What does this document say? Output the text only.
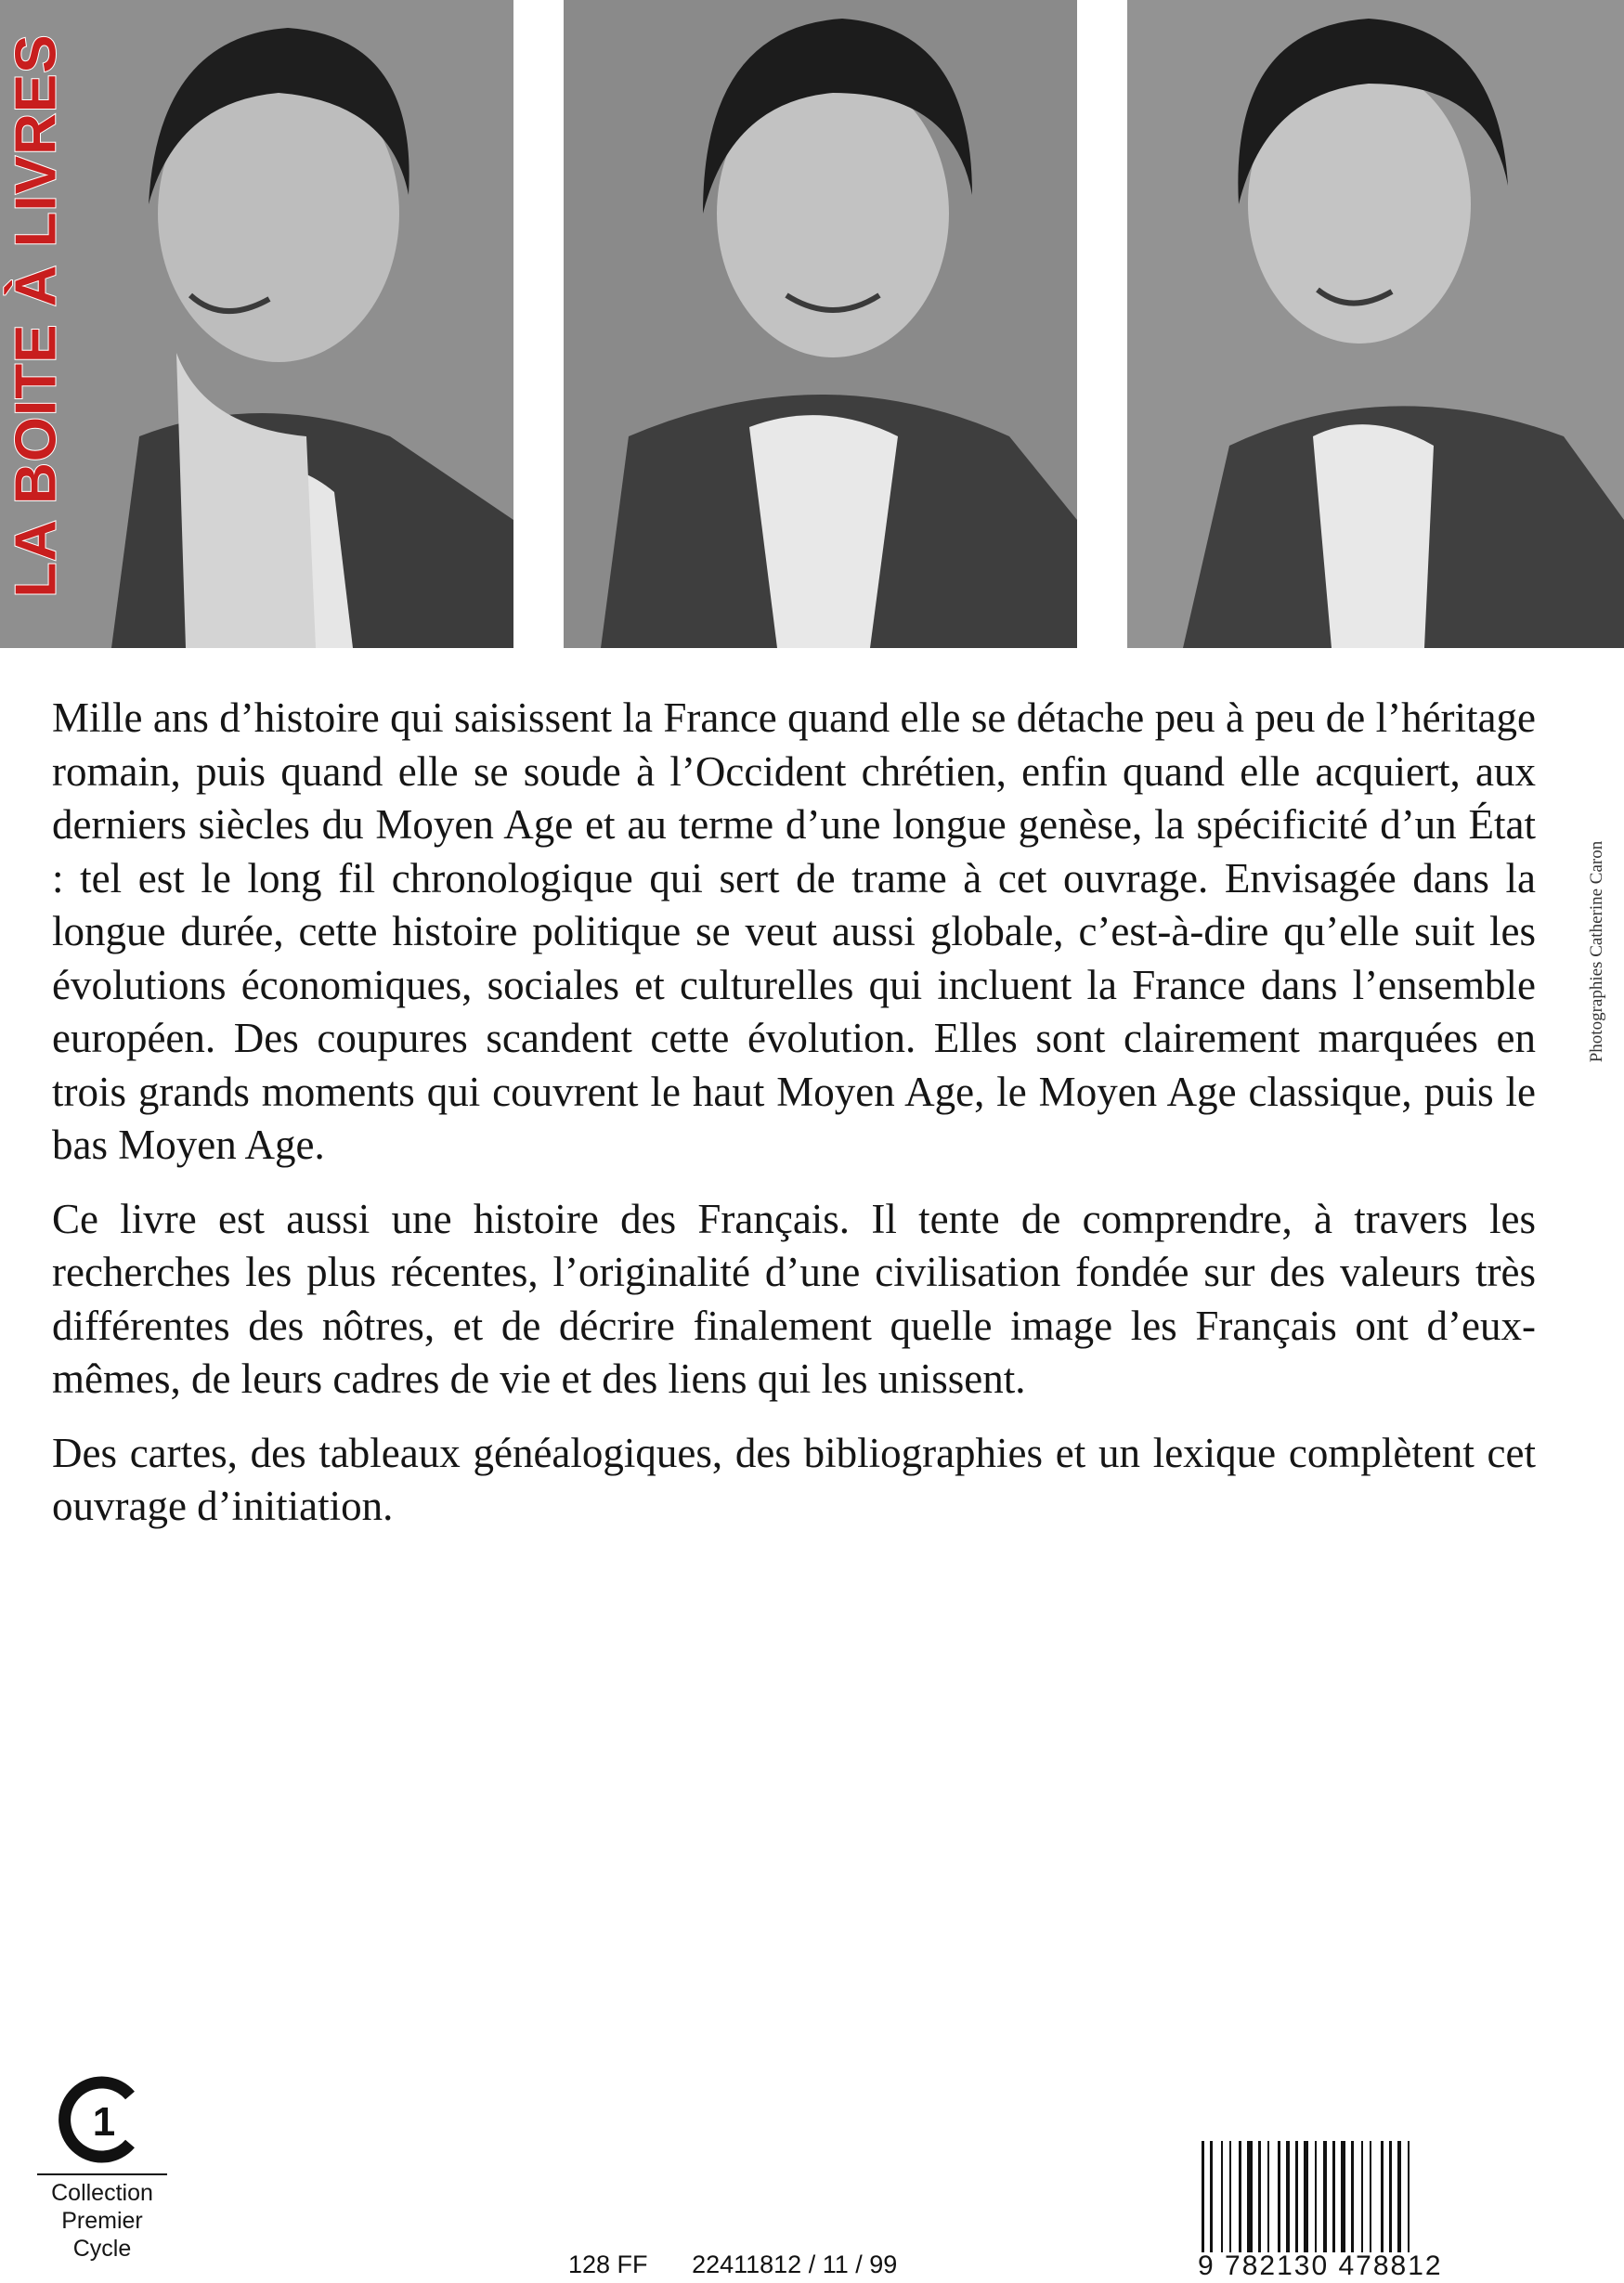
LA BOITE À LIVRES
Photographies Catherine Caron

Mille ans d’histoire qui saisissent la France quand elle se détache peu à peu de l’héritage romain, puis quand elle se soude à l’Occident chrétien, enfin quand elle acquiert, aux derniers siècles du Moyen Age et au terme d’une longue genèse, la spécificité d’un État : tel est le long fil chronologique qui sert de trame à cet ouvrage. Envisagée dans la longue durée, cette histoire politique se veut aussi globale, c’est-à-dire qu’elle suit les évolutions économiques, sociales et culturelles qui incluent la France dans l’ensemble européen. Des coupures scandent cette évolution. Elles sont clairement marquées en trois grands moments qui couvrent le haut Moyen Age, le Moyen Age classique, puis le bas Moyen Age.

Ce livre est aussi une histoire des Français. Il tente de comprendre, à travers les recherches les plus récentes, l’originalité d’une civilisation fondée sur des valeurs très différentes des nôtres, et de décrire finalement quelle image les Français ont d’eux-mêmes, de leurs cadres de vie et des liens qui les unissent.

Des cartes, des tableaux généalogiques, des bibliographies et un lexique complètent cet ouvrage d’initiation.

1
Collection
Premier
Cycle
128 FF 22411812 / 11 / 99	9 782130 478812
